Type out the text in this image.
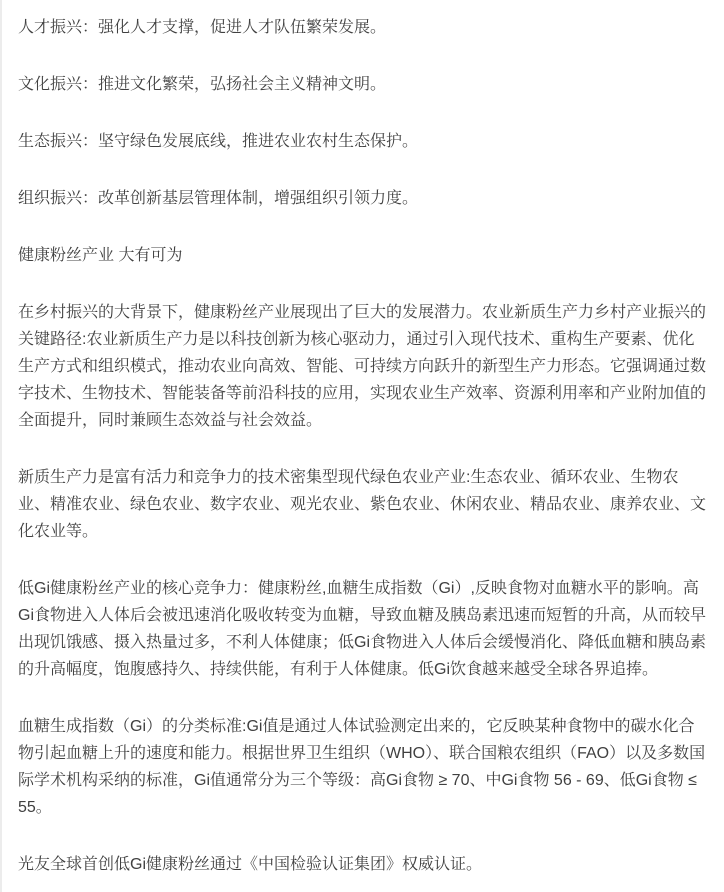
人才振兴：强化人才支撑，促进人才队伍繁荣发展。

文化振兴：推进文化繁荣，弘扬社会主义精神文明。

生态振兴：坚守绿色发展底线，推进农业农村生态保护。

组织振兴：改革创新基层管理体制，增强组织引领力度。

健康粉丝产业 大有可为

在乡村振兴的大背景下，健康粉丝产业展现出了巨大的发展潜力。农业新质生产力乡村产业振兴的关键路径:农业新质生产力是以科技创新为核心驱动力，通过引入现代技术、重构生产要素、优化生产方式和组织模式，推动农业向高效、智能、可持续方向跃升的新型生产力形态。它强调通过数字技术、生物技术、智能装备等前沿科技的应用，实现农业生产效率、资源利用率和产业附加值的全面提升，同时兼顾生态效益与社会效益。

新质生产力是富有活力和竞争力的技术密集型现代绿色农业产业:生态农业、循环农业、生物农业、精准农业、绿色农业、数字农业、观光农业、紫色农业、休闲农业、精品农业、康养农业、文化农业等。

低Gi健康粉丝产业的核心竞争力：健康粉丝,血糖生成指数（Gi）,反映食物对血糖水平的影响。高Gi食物进入人体后会被迅速消化吸收转变为血糖，导致血糖及胰岛素迅速而短暂的升高，从而较早出现饥饿感、摄入热量过多，不利人体健康；低Gi食物进入人体后会缓慢消化、降低血糖和胰岛素的升高幅度，饱腹感持久、持续供能，有利于人体健康。低Gi饮食越来越受全球各界追捧。

血糖生成指数（Gi）的分类标准:Gi值是通过人体试验测定出来的，它反映某种食物中的碳水化合物引起血糖上升的速度和能力。根据世界卫生组织（WHO）、联合国粮农组织（FAO）以及多数国际学术机构采纳的标准，Gi值通常分为三个等级：高Gi食物 ≥ 70、中Gi食物 56 - 69、低Gi食物 ≤ 55。

光友全球首创低Gi健康粉丝通过《中国检验认证集团》权威认证。
